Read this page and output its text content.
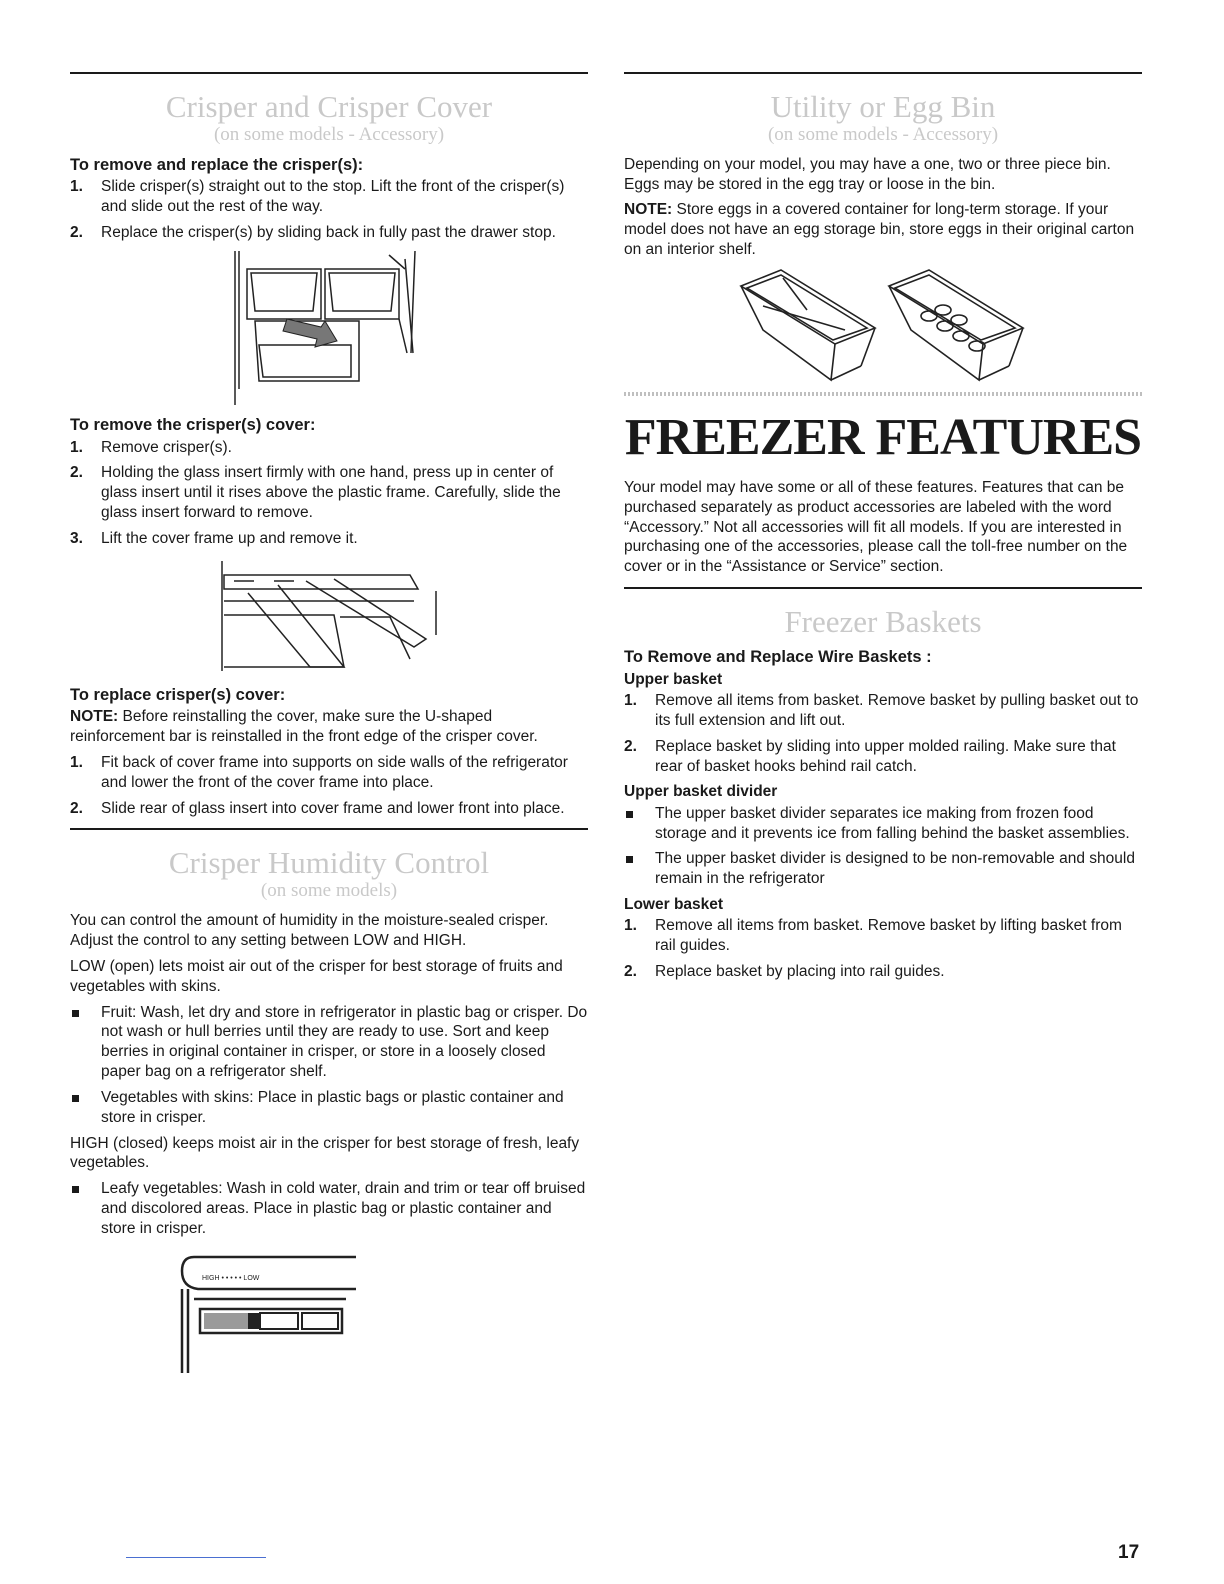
Crisper and Crisper Cover
(on some models - Accessory)
To remove and replace the crisper(s):
1. Slide crisper(s) straight out to the stop. Lift the front of the crisper(s) and slide out the rest of the way.
2. Replace the crisper(s) by sliding back in fully past the drawer stop.
To remove the crisper(s) cover:
1. Remove crisper(s).
2. Holding the glass insert firmly with one hand, press up in center of glass insert until it rises above the plastic frame. Carefully, slide the glass insert forward to remove.
3. Lift the cover frame up and remove it.
To replace crisper(s) cover:

NOTE: Before reinstalling the cover, make sure the U-shaped reinforcement bar is reinstalled in the front edge of the crisper cover.

1. Fit back of cover frame into supports on side walls of the refrigerator and lower the front of the cover frame into place.
2. Slide rear of glass insert into cover frame and lower front into place.
Crisper Humidity Control
(on some models)

You can control the amount of humidity in the moisture-sealed crisper. Adjust the control to any setting between LOW and HIGH.

LOW (open) lets moist air out of the crisper for best storage of fruits and vegetables with skins.

Fruit: Wash, let dry and store in refrigerator in plastic bag or crisper. Do not wash or hull berries until they are ready to use. Sort and keep berries in original container in crisper, or store in a loosely closed paper bag on a refrigerator shelf.
Vegetables with skins: Place in plastic bags or plastic container and store in crisper.

HIGH (closed) keeps moist air in the crisper for best storage of fresh, leafy vegetables.

Leafy vegetables: Wash in cold water, drain and trim or tear off bruised and discolored areas. Place in plastic bag or plastic container and store in crisper.
HIGH • • • • • LOW
Utility or Egg Bin
(on some models - Accessory)

Depending on your model, you may have a one, two or three piece bin. Eggs may be stored in the egg tray or loose in the bin.

NOTE: Store eggs in a covered container for long-term storage. If your model does not have an egg storage bin, store eggs in their original carton on an interior shelf.

FREEZER FEATURES

Your model may have some or all of these features. Features that can be purchased separately as product accessories are labeled with the word “Accessory.” Not all accessories will fit all models. If you are interested in purchasing one of the accessories, please call the toll-free number on the cover or in the “Assistance or Service” section.

Freezer Baskets
To Remove and Replace Wire Baskets :
Upper basket
1. Remove all items from basket. Remove basket by pulling basket out to its full extension and lift out.
2. Replace basket by sliding into upper molded railing. Make sure that rear of basket hooks behind rail catch.
Upper basket divider
The upper basket divider separates ice making from frozen food storage and it prevents ice from falling behind the basket assemblies.
The upper basket divider is designed to be non-removable and should remain in the refrigerator
Lower basket
1. Remove all items from basket. Remove basket by lifting basket from rail guides.
2. Replace basket by placing into rail guides.
17
